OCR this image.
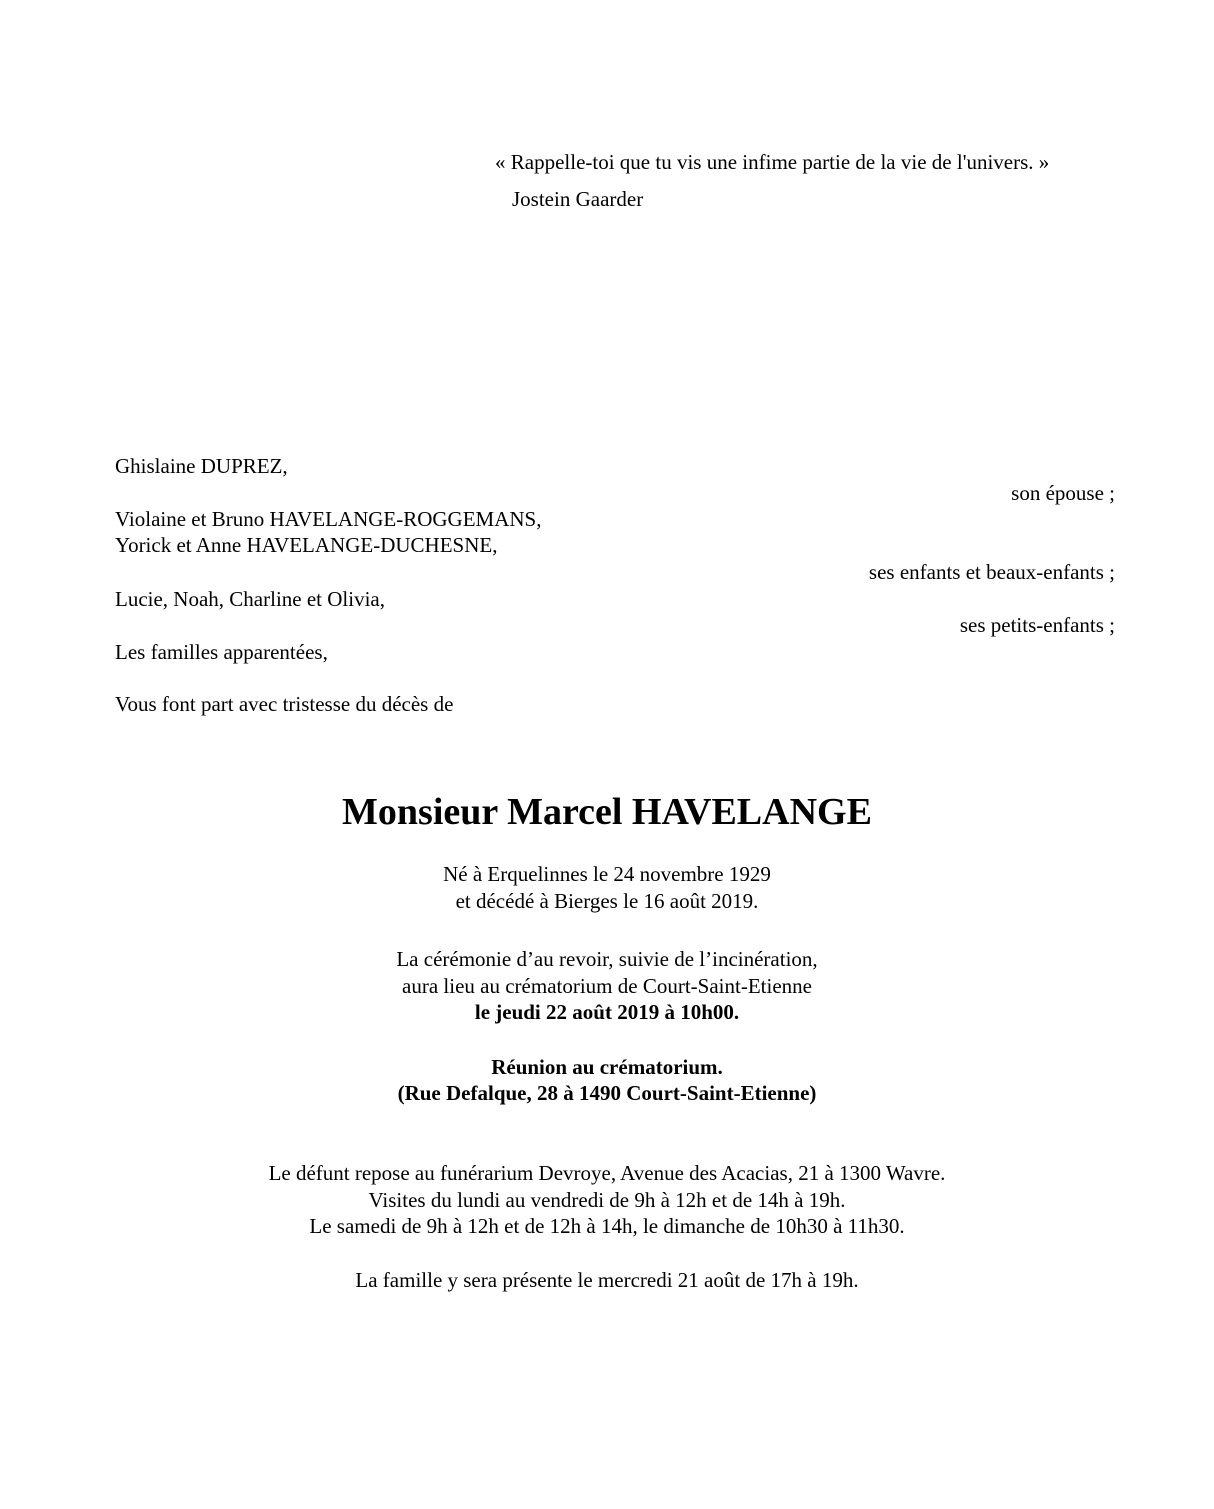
« Rappelle-toi que tu vis une infime partie de la vie de l'univers. »
Jostein Gaarder
Ghislaine DUPREZ,
son épouse ;
Violaine et Bruno HAVELANGE-ROGGEMANS,
Yorick et Anne HAVELANGE-DUCHESNE,
ses enfants et beaux-enfants ;
Lucie, Noah, Charline et Olivia,
ses petits-enfants ;
Les familles apparentées,
Vous font part avec tristesse du décès de
Monsieur Marcel HAVELANGE
Né à Erquelinnes le 24 novembre 1929
et décédé à Bierges le 16 août 2019.
La cérémonie d’au revoir, suivie de l’incinération,
aura lieu au crématorium de Court-Saint-Etienne
le jeudi 22 août 2019 à 10h00.
Réunion au crématorium.
(Rue Defalque, 28 à 1490 Court-Saint-Etienne)
Le défunt repose au funérarium Devroye, Avenue des Acacias, 21 à 1300 Wavre.
Visites du lundi au vendredi de 9h à 12h et de 14h à 19h.
Le samedi de 9h à 12h et de 12h à 14h, le dimanche de 10h30 à 11h30.
La famille y sera présente le mercredi 21 août de 17h à 19h.
